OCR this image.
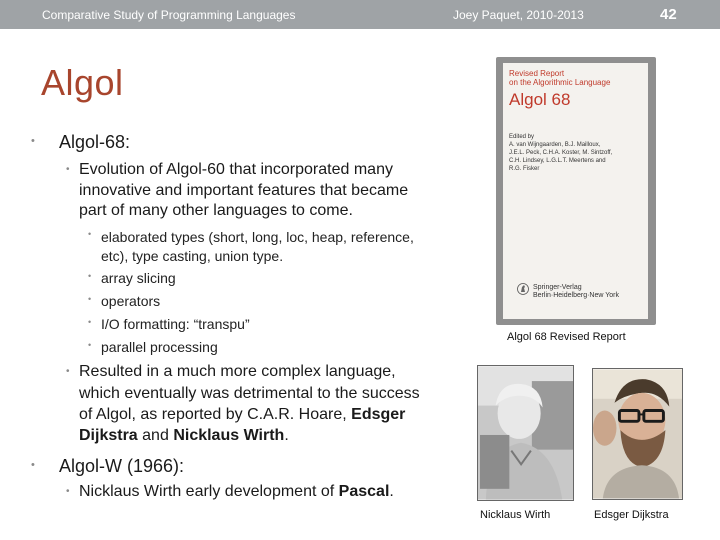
Comparative Study of Programming Languages	Joey Paquet, 2010-2013	42
Algol
• Algol-68:
• Evolution of Algol-60 that incorporated many
innovative and important features that became
part of many other languages to come.
• elaborated types (short, long, loc, heap, reference,
etc), type casting, union type.
• array slicing
• operators
• I/O formatting: “transpu”
• parallel processing
• Resulted in a much more complex language,
which eventually was detrimental to the success
of Algol, as reported by C.A.R. Hoare, Edsger
Dijkstra and Nicklaus Wirth.
• Algol-W (1966):
• Nicklaus Wirth early development of Pascal.
Revised Report
on the Algorithmic Language
Algol 68
Edited by
A. van Wijngaarden, B.J. Mailloux,
J.E.L. Peck, C.H.A. Koster, M. Sintzoff,
C.H. Lindsey, L.G.L.T. Meertens and
R.G. Fisker
Springer-Verlag
Berlin·Heidelberg·New York
Algol 68 Revised Report
Nicklaus Wirth	Edsger Dijkstra
